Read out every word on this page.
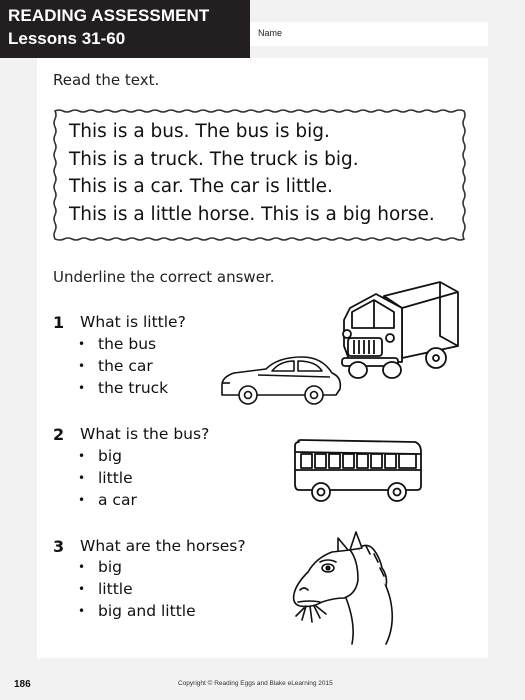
READING ASSESSMENT
Lessons 31-60	Name
Read the text.
This is a bus. The bus is big.
This is a truck. The truck is big.
This is a car. The car is little.
This is a little horse. This is a big horse.
Underline the correct answer.
1 What is little?
• the bus
• the car
• the truck
2 What is the bus?
• big
• little
• a car
3 What are the horses?
• big
• little
• big and little
186	Copyright © Reading Eggs and Blake eLearning 2015
